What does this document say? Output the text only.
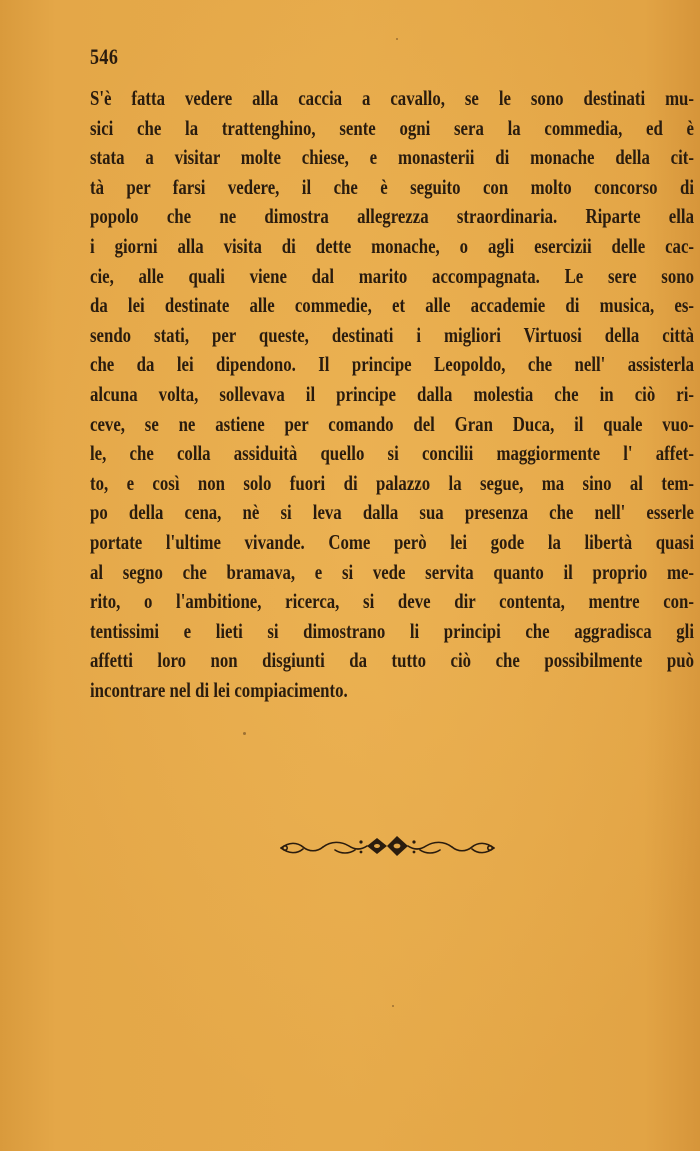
546
S'è fatta vedere alla caccia a cavallo, se le sono destinati mu-
sici che la trattenghino, sente ogni sera la commedia, ed è
stata a visitar molte chiese, e monasterii di monache della cit-
tà per farsi vedere, il che è seguito con molto concorso di
popolo che ne dimostra allegrezza straordinaria. Riparte ella
i giorni alla visita di dette monache, o agli esercizii delle cac-
cie, alle quali viene dal marito accompagnata. Le sere sono
da lei destinate alle commedie, et alle accademie di musica, es-
sendo stati, per queste, destinati i migliori Virtuosi della città
che da lei dipendono. Il principe Leopoldo, che nell' assisterla
alcuna volta, sollevava il principe dalla molestia che in ciò ri-
ceve, se ne astiene per comando del Gran Duca, il quale vuo-
le, che colla assiduità quello si concilii maggiormente l' affet-
to, e così non solo fuori di palazzo la segue, ma sino al tem-
po della cena, nè si leva dalla sua presenza che nell' esserle
portate l'ultime vivande. Come però lei gode la libertà quasi
al segno che bramava, e si vede servita quanto il proprio me-
rito, o l'ambitione, ricerca, si deve dir contenta, mentre con-
tentissimi e lieti si dimostrano li principi che aggradisca gli
affetti loro non disgiunti da tutto ciò che possibilmente può
incontrare nel di lei compiacimento.
